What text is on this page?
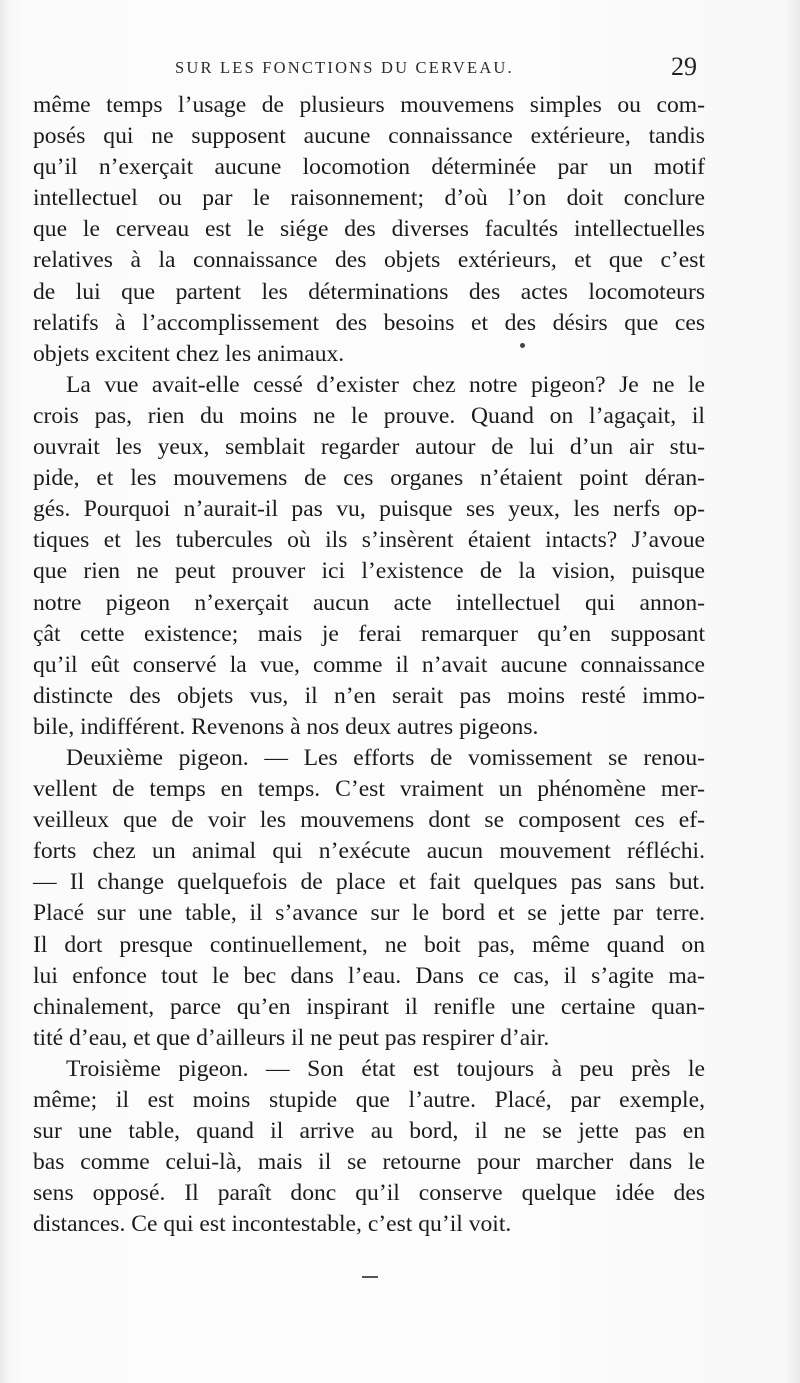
SUR LES FONCTIONS DU CERVEAU.	29
même temps l’usage de plusieurs mouvemens simples ou com-
posés qui ne supposent aucune connaissance extérieure, tandis
qu’il n’exerçait aucune locomotion déterminée par un motif
intellectuel ou par le raisonnement; d’où l’on doit conclure
que le cerveau est le siége des diverses facultés intellectuelles
relatives à la connaissance des objets extérieurs, et que c’est
de lui que partent les déterminations des actes locomoteurs
relatifs à l’accomplissement des besoins et des désirs que ces
objets excitent chez les animaux.
La vue avait-elle cessé d’exister chez notre pigeon? Je ne le
crois pas, rien du moins ne le prouve. Quand on l’agaçait, il
ouvrait les yeux, semblait regarder autour de lui d’un air stu-
pide, et les mouvemens de ces organes n’étaient point déran-
gés. Pourquoi n’aurait-il pas vu, puisque ses yeux, les nerfs op-
tiques et les tubercules où ils s’insèrent étaient intacts? J’avoue
que rien ne peut prouver ici l’existence de la vision, puisque
notre pigeon n’exerçait aucun acte intellectuel qui annon-
çât cette existence; mais je ferai remarquer qu’en supposant
qu’il eût conservé la vue, comme il n’avait aucune connaissance
distincte des objets vus, il n’en serait pas moins resté immo-
bile, indifférent. Revenons à nos deux autres pigeons.
Deuxième pigeon. — Les efforts de vomissement se renou-
vellent de temps en temps. C’est vraiment un phénomène mer-
veilleux que de voir les mouvemens dont se composent ces ef-
forts chez un animal qui n’exécute aucun mouvement réfléchi.
— Il change quelquefois de place et fait quelques pas sans but.
Placé sur une table, il s’avance sur le bord et se jette par terre.
Il dort presque continuellement, ne boit pas, même quand on
lui enfonce tout le bec dans l’eau. Dans ce cas, il s’agite ma-
chinalement, parce qu’en inspirant il renifle une certaine quan-
tité d’eau, et que d’ailleurs il ne peut pas respirer d’air.
Troisième pigeon. — Son état est toujours à peu près le
même; il est moins stupide que l’autre. Placé, par exemple,
sur une table, quand il arrive au bord, il ne se jette pas en
bas comme celui-là, mais il se retourne pour marcher dans le
sens opposé. Il paraît donc qu’il conserve quelque idée des
distances. Ce qui est incontestable, c’est qu’il voit.
